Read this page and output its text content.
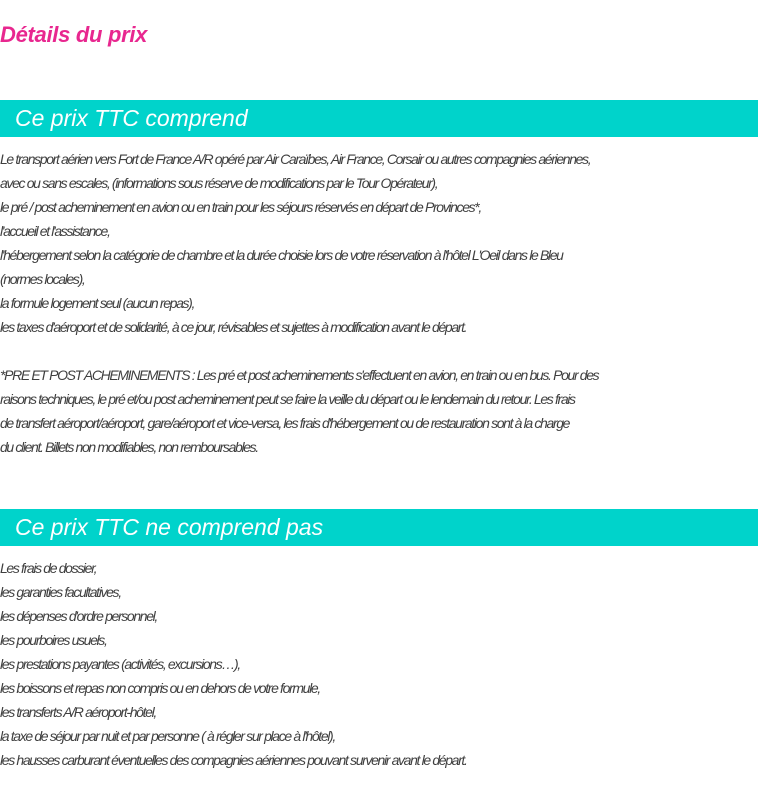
Détails du prix
Ce prix TTC comprend
Le transport aérien vers Fort de France A/R opéré par Air Caraïbes, Air France, Corsair ou autres compagnies aériennes,
avec ou sans escales, (informations sous réserve de modifications par le Tour Opérateur),
le pré / post acheminement en avion ou en train pour les séjours réservés en départ de Provinces*,
l'accueil et l'assistance,
l'hébergement selon la catégorie de chambre et la durée choisie lors de votre réservation à l'hôtel L'Oeil dans le Bleu
(normes locales),
la formule logement seul (aucun repas),
les taxes d'aéroport et de solidarité, à ce jour, révisables et sujettes à modification avant le départ.
*PRE ET POST ACHEMINEMENTS : Les pré et post acheminements s'effectuent en avion, en train ou en bus. Pour des
raisons techniques, le pré et/ou post acheminement peut se faire la veille du départ ou le lendemain du retour. Les frais
de transfert aéroport/aéroport, gare/aéroport et vice-versa, les frais d'hébergement ou de restauration sont à la charge
du client. Billets non modifiables, non remboursables.
Ce prix TTC ne comprend pas
Les frais de dossier,
les garanties facultatives,
les dépenses d'ordre personnel,
les pourboires usuels,
les prestations payantes (activités, excursions…),
les boissons et repas non compris ou en dehors de votre formule,
les transferts A/R aéroport-hôtel,
la taxe de séjour par nuit et par personne ( à régler sur place à l'hôtel),
les hausses carburant éventuelles des compagnies aériennes pouvant survenir avant le départ.
